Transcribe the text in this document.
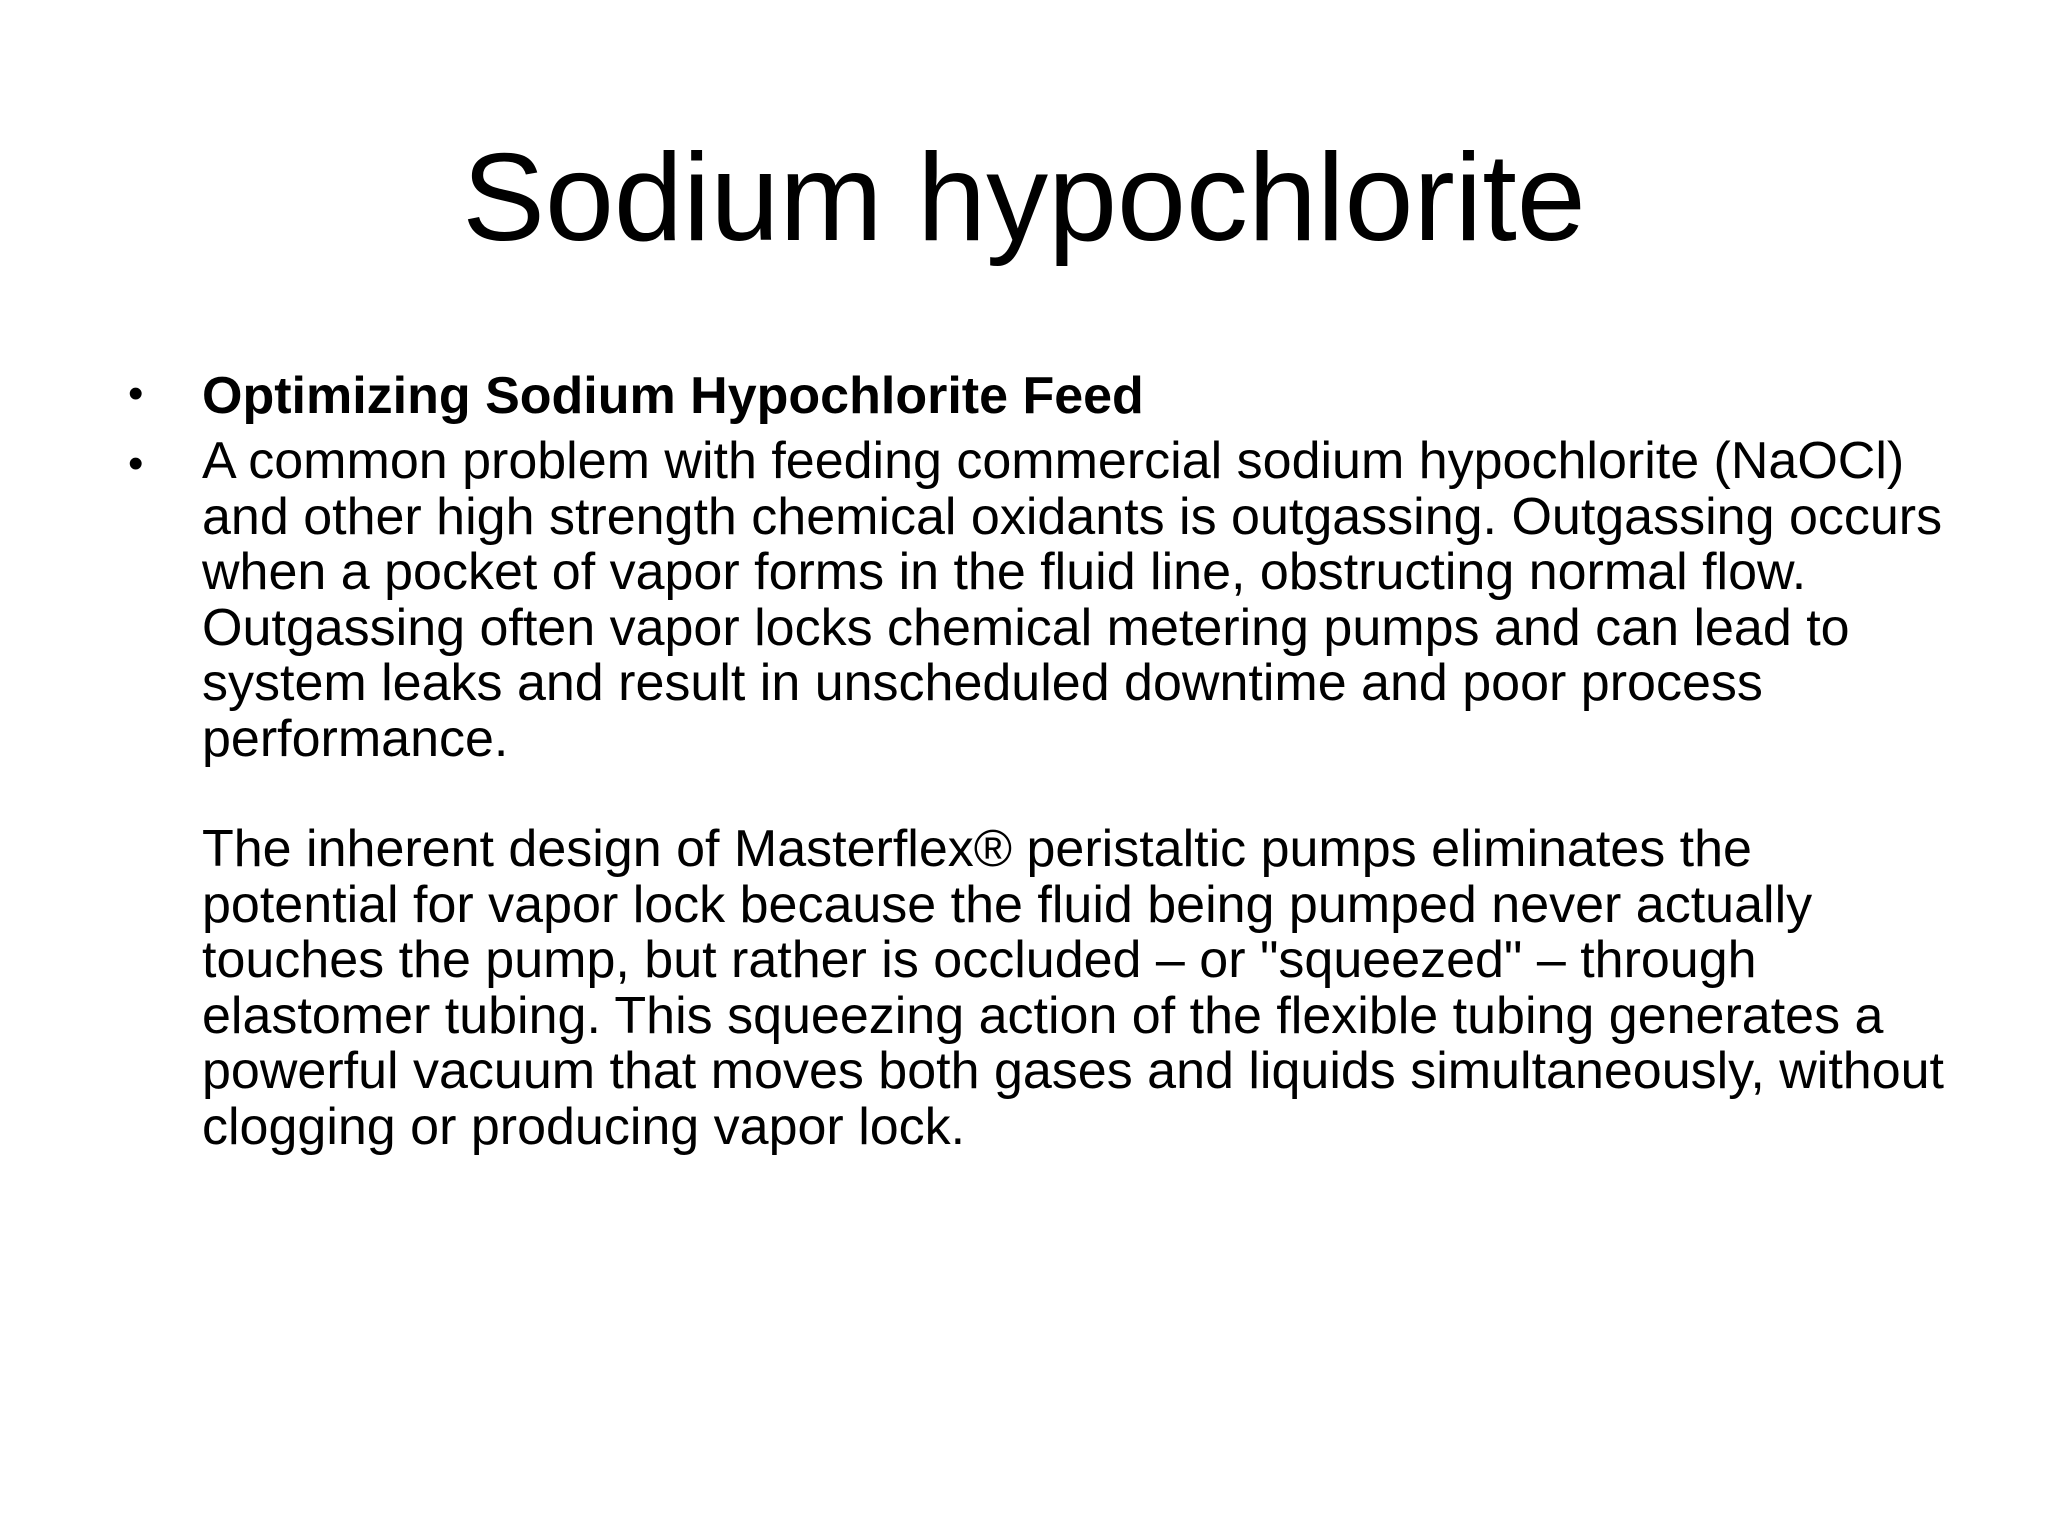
Sodium hypochlorite
• Optimizing Sodium Hypochlorite Feed
• A common problem with feeding commercial sodium hypochlorite (NaOCl) and other high strength chemical oxidants is outgassing. Outgassing occurs when a pocket of vapor forms in the fluid line, obstructing normal flow. Outgassing often vapor locks chemical metering pumps and can lead to system leaks and result in unscheduled downtime and poor process performance.
The inherent design of Masterflex® peristaltic pumps eliminates the potential for vapor lock because the fluid being pumped never actually touches the pump, but rather is occluded – or "squeezed" – through elastomer tubing. This squeezing action of the flexible tubing generates a powerful vacuum that moves both gases and liquids simultaneously, without clogging or producing vapor lock.
